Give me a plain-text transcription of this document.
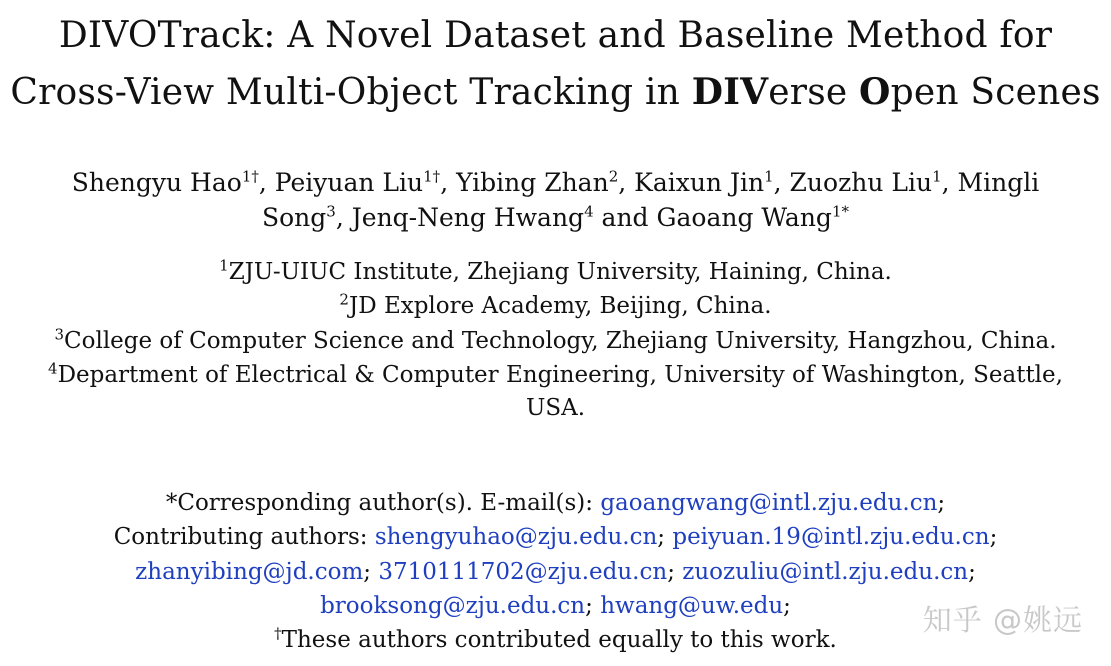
DIVOTrack: A Novel Dataset and Baseline Method for
Cross-View Multi-Object Tracking in DIVerse Open Scenes
Shengyu Hao$^{1\dagger}$, Peiyuan Liu$^{1\dagger}$, Yibing Zhan$^2$, Kaixun Jin$^1$, Zuozhu Liu$^1$, Mingli
Song$^3$, Jenq-Neng Hwang$^4$ and Gaoang Wang$^{1*}$
$^1$ZJU-UIUC Institute, Zhejiang University, Haining, China.
$^2$JD Explore Academy, Beijing, China.
$^3$College of Computer Science and Technology, Zhejiang University, Hangzhou, China.
$^4$Department of Electrical & Computer Engineering, University of Washington, Seattle,
USA.
*Corresponding author(s). E-mail(s): gaoangwang@intl.zju.edu.cn;
Contributing authors: shengyuhao@zju.edu.cn; peiyuan.19@intl.zju.edu.cn;
zhanyibing@jd.com; 3710111702@zju.edu.cn; zuozuliu@intl.zju.edu.cn;
brooksong@zju.edu.cn; hwang@uw.edu;
†These authors contributed equally to this work.
知乎 @姚远
